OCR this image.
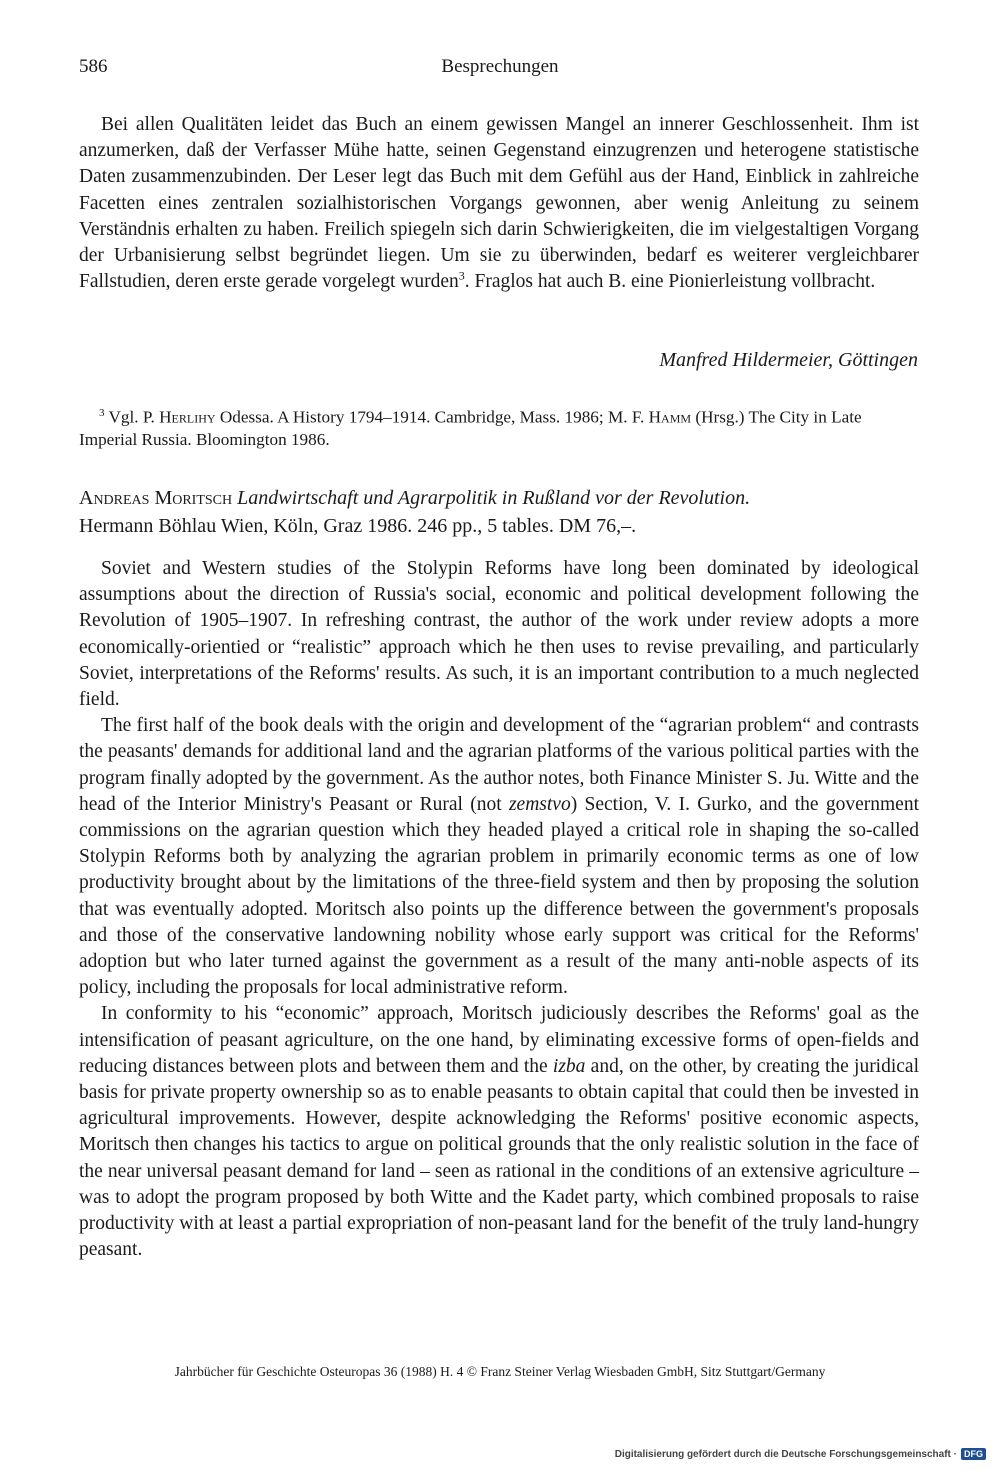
586	Besprechungen

Bei allen Qualitäten leidet das Buch an einem gewissen Mangel an innerer Geschlossenheit. Ihm ist anzumerken, daß der Verfasser Mühe hatte, seinen Gegenstand einzugrenzen und heterogene statistische Daten zusammenzubinden. Der Leser legt das Buch mit dem Gefühl aus der Hand, Einblick in zahlreiche Facetten eines zentralen sozialhistorischen Vorgangs gewonnen, aber wenig Anleitung zu seinem Verständnis erhalten zu haben. Freilich spiegeln sich darin Schwierigkeiten, die im vielgestaltigen Vorgang der Urbanisierung selbst begründet liegen. Um sie zu überwinden, bedarf es weiterer vergleichbarer Fallstudien, deren erste gerade vorgelegt wurden$^3$. Fraglos hat auch B. eine Pionierleistung vollbracht.

Manfred Hildermeier, Göttingen
$^3$ Vgl. P. Herlihy Odessa. A History 1794–1914. Cambridge, Mass. 1986; M. F. Hamm (Hrsg.) The City in Late Imperial Russia. Bloomington 1986.
Andreas Moritsch Landwirtschaft und Agrarpolitik in Rußland vor der Revolution.
Hermann Böhlau Wien, Köln, Graz 1986. 246 pp., 5 tables. DM 76,–.

Soviet and Western studies of the Stolypin Reforms have long been dominated by ideological assumptions about the direction of Russia's social, economic and political development following the Revolution of 1905–1907. In refreshing contrast, the author of the work under review adopts a more economically-orientied or “realistic” approach which he then uses to revise prevailing, and particularly Soviet, interpretations of the Reforms' results. As such, it is an important contribution to a much neglected field.

The first half of the book deals with the origin and development of the “agrarian problem“ and contrasts the peasants' demands for additional land and the agrarian platforms of the various political parties with the program finally adopted by the government. As the author notes, both Finance Minister S. Ju. Witte and the head of the Interior Ministry's Peasant or Rural (not zemstvo) Section, V. I. Gurko, and the government commissions on the agrarian question which they headed played a critical role in shaping the so-called Stolypin Reforms both by analyzing the agrarian problem in primarily economic terms as one of low productivity brought about by the limitations of the three-field system and then by proposing the solution that was eventually adopted. Moritsch also points up the difference between the government's proposals and those of the conservative landowning nobility whose early support was critical for the Reforms' adoption but who later turned against the government as a result of the many anti-noble aspects of its policy, including the proposals for local administrative reform.

In conformity to his “economic” approach, Moritsch judiciously describes the Reforms' goal as the intensification of peasant agriculture, on the one hand, by eliminating excessive forms of open-fields and reducing distances between plots and between them and the izba and, on the other, by creating the juridical basis for private property ownership so as to enable peasants to obtain capital that could then be invested in agricultural improvements. However, despite acknowledging the Reforms' positive economic aspects, Moritsch then changes his tactics to argue on political grounds that the only realistic solution in the face of the near universal peasant demand for land – seen as rational in the conditions of an extensive agriculture – was to adopt the program proposed by both Witte and the Kadet party, which combined proposals to raise productivity with at least a partial expropriation of non-peasant land for the benefit of the truly land-hungry peasant.

Jahrbücher für Geschichte Osteuropas 36 (1988) H. 4 © Franz Steiner Verlag Wiesbaden GmbH, Sitz Stuttgart/Germany
Digitalisierung gefördert durch die Deutsche Forschungsgemeinschaft · DFG
